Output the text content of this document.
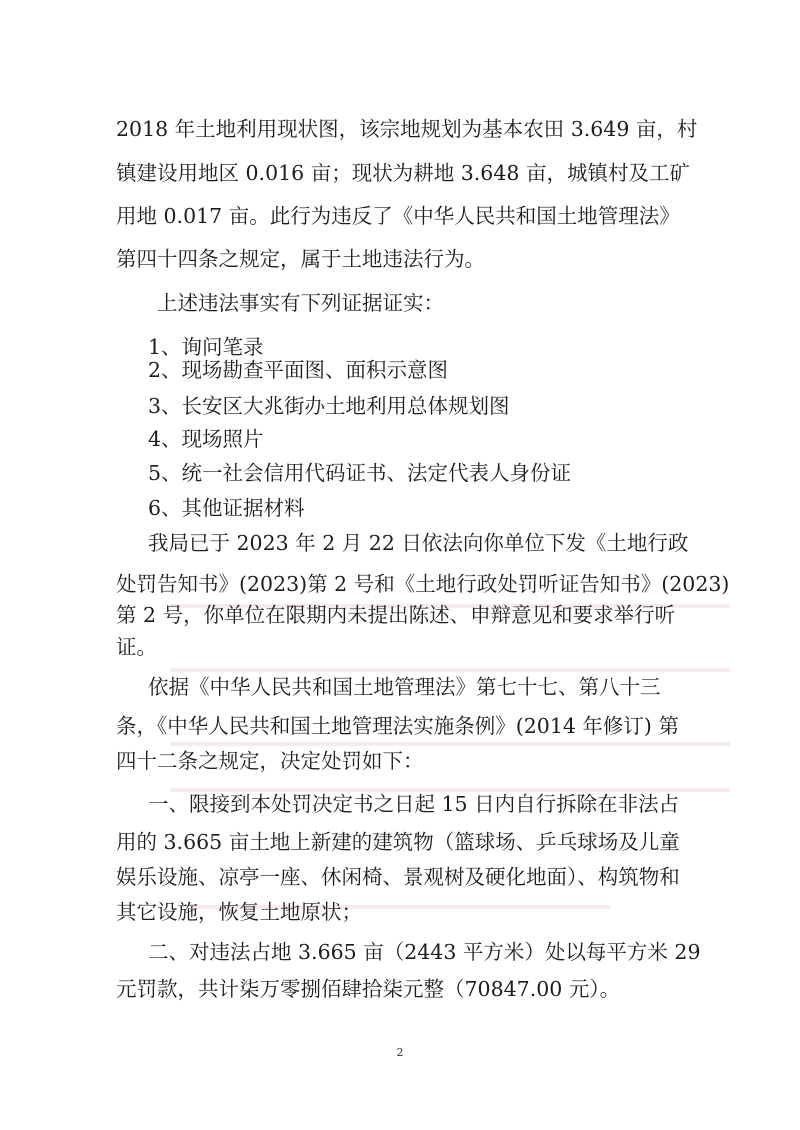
2018 年土地利用现状图，该宗地规划为基本农田 3.649 亩，村
镇建设用地区 0.016 亩；现状为耕地 3.648 亩，城镇村及工矿
用地 0.017 亩。此行为违反了《中华人民共和国土地管理法》
第四十四条之规定，属于土地违法行为。
上述违法事实有下列证据证实：
1、询问笔录
2、现场勘查平面图、面积示意图
3、长安区大兆街办土地利用总体规划图
4、现场照片
5、统一社会信用代码证书、法定代表人身份证
6、其他证据材料
我局已于 2023 年 2 月 22 日依法向你单位下发《土地行政
处罚告知书》(2023)第 2 号和《土地行政处罚听证告知书》(2023)
第 2 号，你单位在限期内未提出陈述、申辩意见和要求举行听
证。
依据《中华人民共和国土地管理法》第七十七、第八十三
条，《中华人民共和国土地管理法实施条例》(2014 年修订) 第
四十二条之规定，决定处罚如下：
一、限接到本处罚决定书之日起 15 日内自行拆除在非法占
用的 3.665 亩土地上新建的建筑物（篮球场、乒乓球场及儿童
娱乐设施、凉亭一座、休闲椅、景观树及硬化地面）、构筑物和
其它设施，恢复土地原状；
二、对违法占地 3.665 亩（2443 平方米）处以每平方米 29
元罚款，共计柒万零捌佰肆拾柒元整（70847.00 元）。
2
